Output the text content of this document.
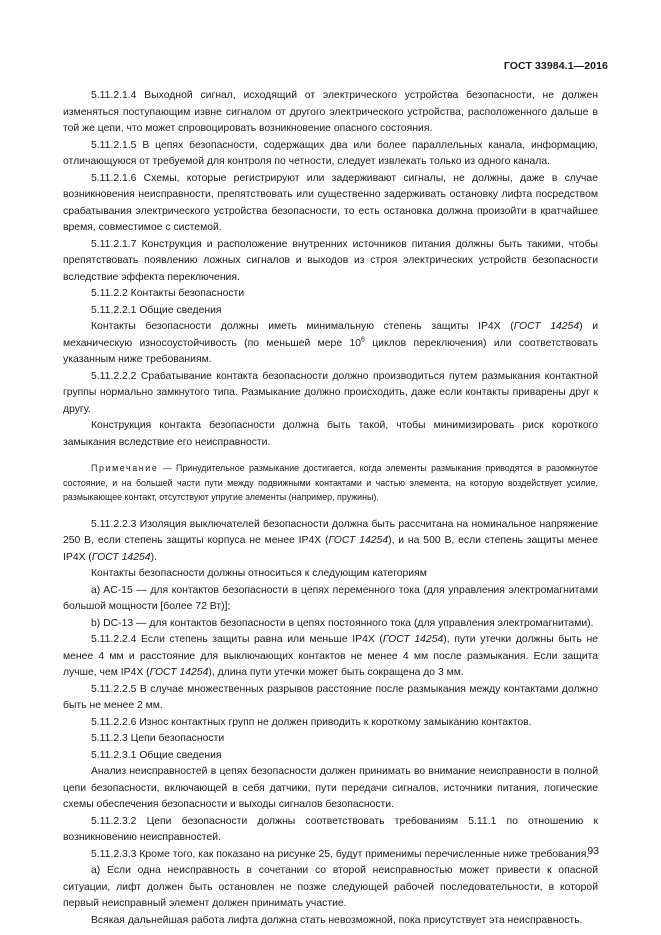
ГОСТ 33984.1—2016

5.11.2.1.4 Выходной сигнал, исходящий от электрического устройства безопасности, не должен изменяться поступающим извне сигналом от другого электрического устройства, расположенного дальше в той же цепи, что может спровоцировать возникновение опасного состояния.

5.11.2.1.5 В цепях безопасности, содержащих два или более параллельных канала, информацию, отличающуюся от требуемой для контроля по четности, следует извлекать только из одного канала.

5.11.2.1.6 Схемы, которые регистрируют или задерживают сигналы, не должны, даже в случае возникновения неисправности, препятствовать или существенно задерживать остановку лифта посредством срабатывания электрического устройства безопасности, то есть остановка должна произойти в кратчайшее время, совместимое с системой.

5.11.2.1.7 Конструкция и расположение внутренних источников питания должны быть такими, чтобы препятствовать появлению ложных сигналов и выходов из строя электрических устройств безопасности вследствие эффекта переключения.

5.11.2.2 Контакты безопасности

5.11.2.2.1 Общие сведения

Контакты безопасности должны иметь минимальную степень защиты IP4X (ГОСТ 14254) и механическую износоустойчивость (по меньшей мере $10^6$ циклов переключения) или соответствовать указанным ниже требованиям.

5.11.2.2.2 Срабатывание контакта безопасности должно производиться путем размыкания контактной группы нормально замкнутого типа. Размыкание должно происходить, даже если контакты приварены друг к другу.

Конструкция контакта безопасности должна быть такой, чтобы минимизировать риск короткого замыкания вследствие его неисправности.

Примечание — Принудительное размыкание достигается, когда элементы размыкания приводятся в разомкнутое состояние, и на большей части пути между подвижными контактами и частью элемента, на которую воздействует усилие, размыкающее контакт, отсутствуют упругие элементы (например, пружины).

5.11.2.2.3 Изоляция выключателей безопасности должна быть рассчитана на номинальное напряжение 250 В, если степень защиты корпуса не менее IP4X (ГОСТ 14254), и на 500 В, если степень защиты менее IP4X (ГОСТ 14254).

Контакты безопасности должны относиться к следующим категориям

a) AC-15 — для контактов безопасности в цепях переменного тока (для управления электромагнитами большой мощности [более 72 Вт)];

b) DC-13 — для контактов безопасности в цепях постоянного тока (для управления электромагнитами).

5.11.2.2.4 Если степень защиты равна или меньше IP4X (ГОСТ 14254), пути утечки должны быть не менее 4 мм и расстояние для выключающих контактов не менее 4 мм после размыкания. Если защита лучше, чем IP4X (ГОСТ 14254), длина пути утечки может быть сокращена до 3 мм.

5.11.2.2.5 В случае множественных разрывов расстояние после размыкания между контактами должно быть не менее 2 мм.

5.11.2.2.6 Износ контактных групп не должен приводить к короткому замыканию контактов.

5.11.2.3 Цепи безопасности

5.11.2.3.1 Общие сведения

Анализ неисправностей в цепях безопасности должен принимать во внимание неисправности в полной цепи безопасности, включающей в себя датчики, пути передачи сигналов, источники питания, логические схемы обеспечения безопасности и выходы сигналов безопасности.

5.11.2.3.2 Цепи безопасности должны соответствовать требованиям 5.11.1 по отношению к возникновению неисправностей.

5.11.2.3.3 Кроме того, как показано на рисунке 25, будут применимы перечисленные ниже требования.

a) Если одна неисправность в сочетании со второй неисправностью может привести к опасной ситуации, лифт должен быть остановлен не позже следующей рабочей последовательности, в которой первый неисправный элемент должен принимать участие.

Всякая дальнейшая работа лифта должна стать невозможной, пока присутствует эта неисправность.

93
